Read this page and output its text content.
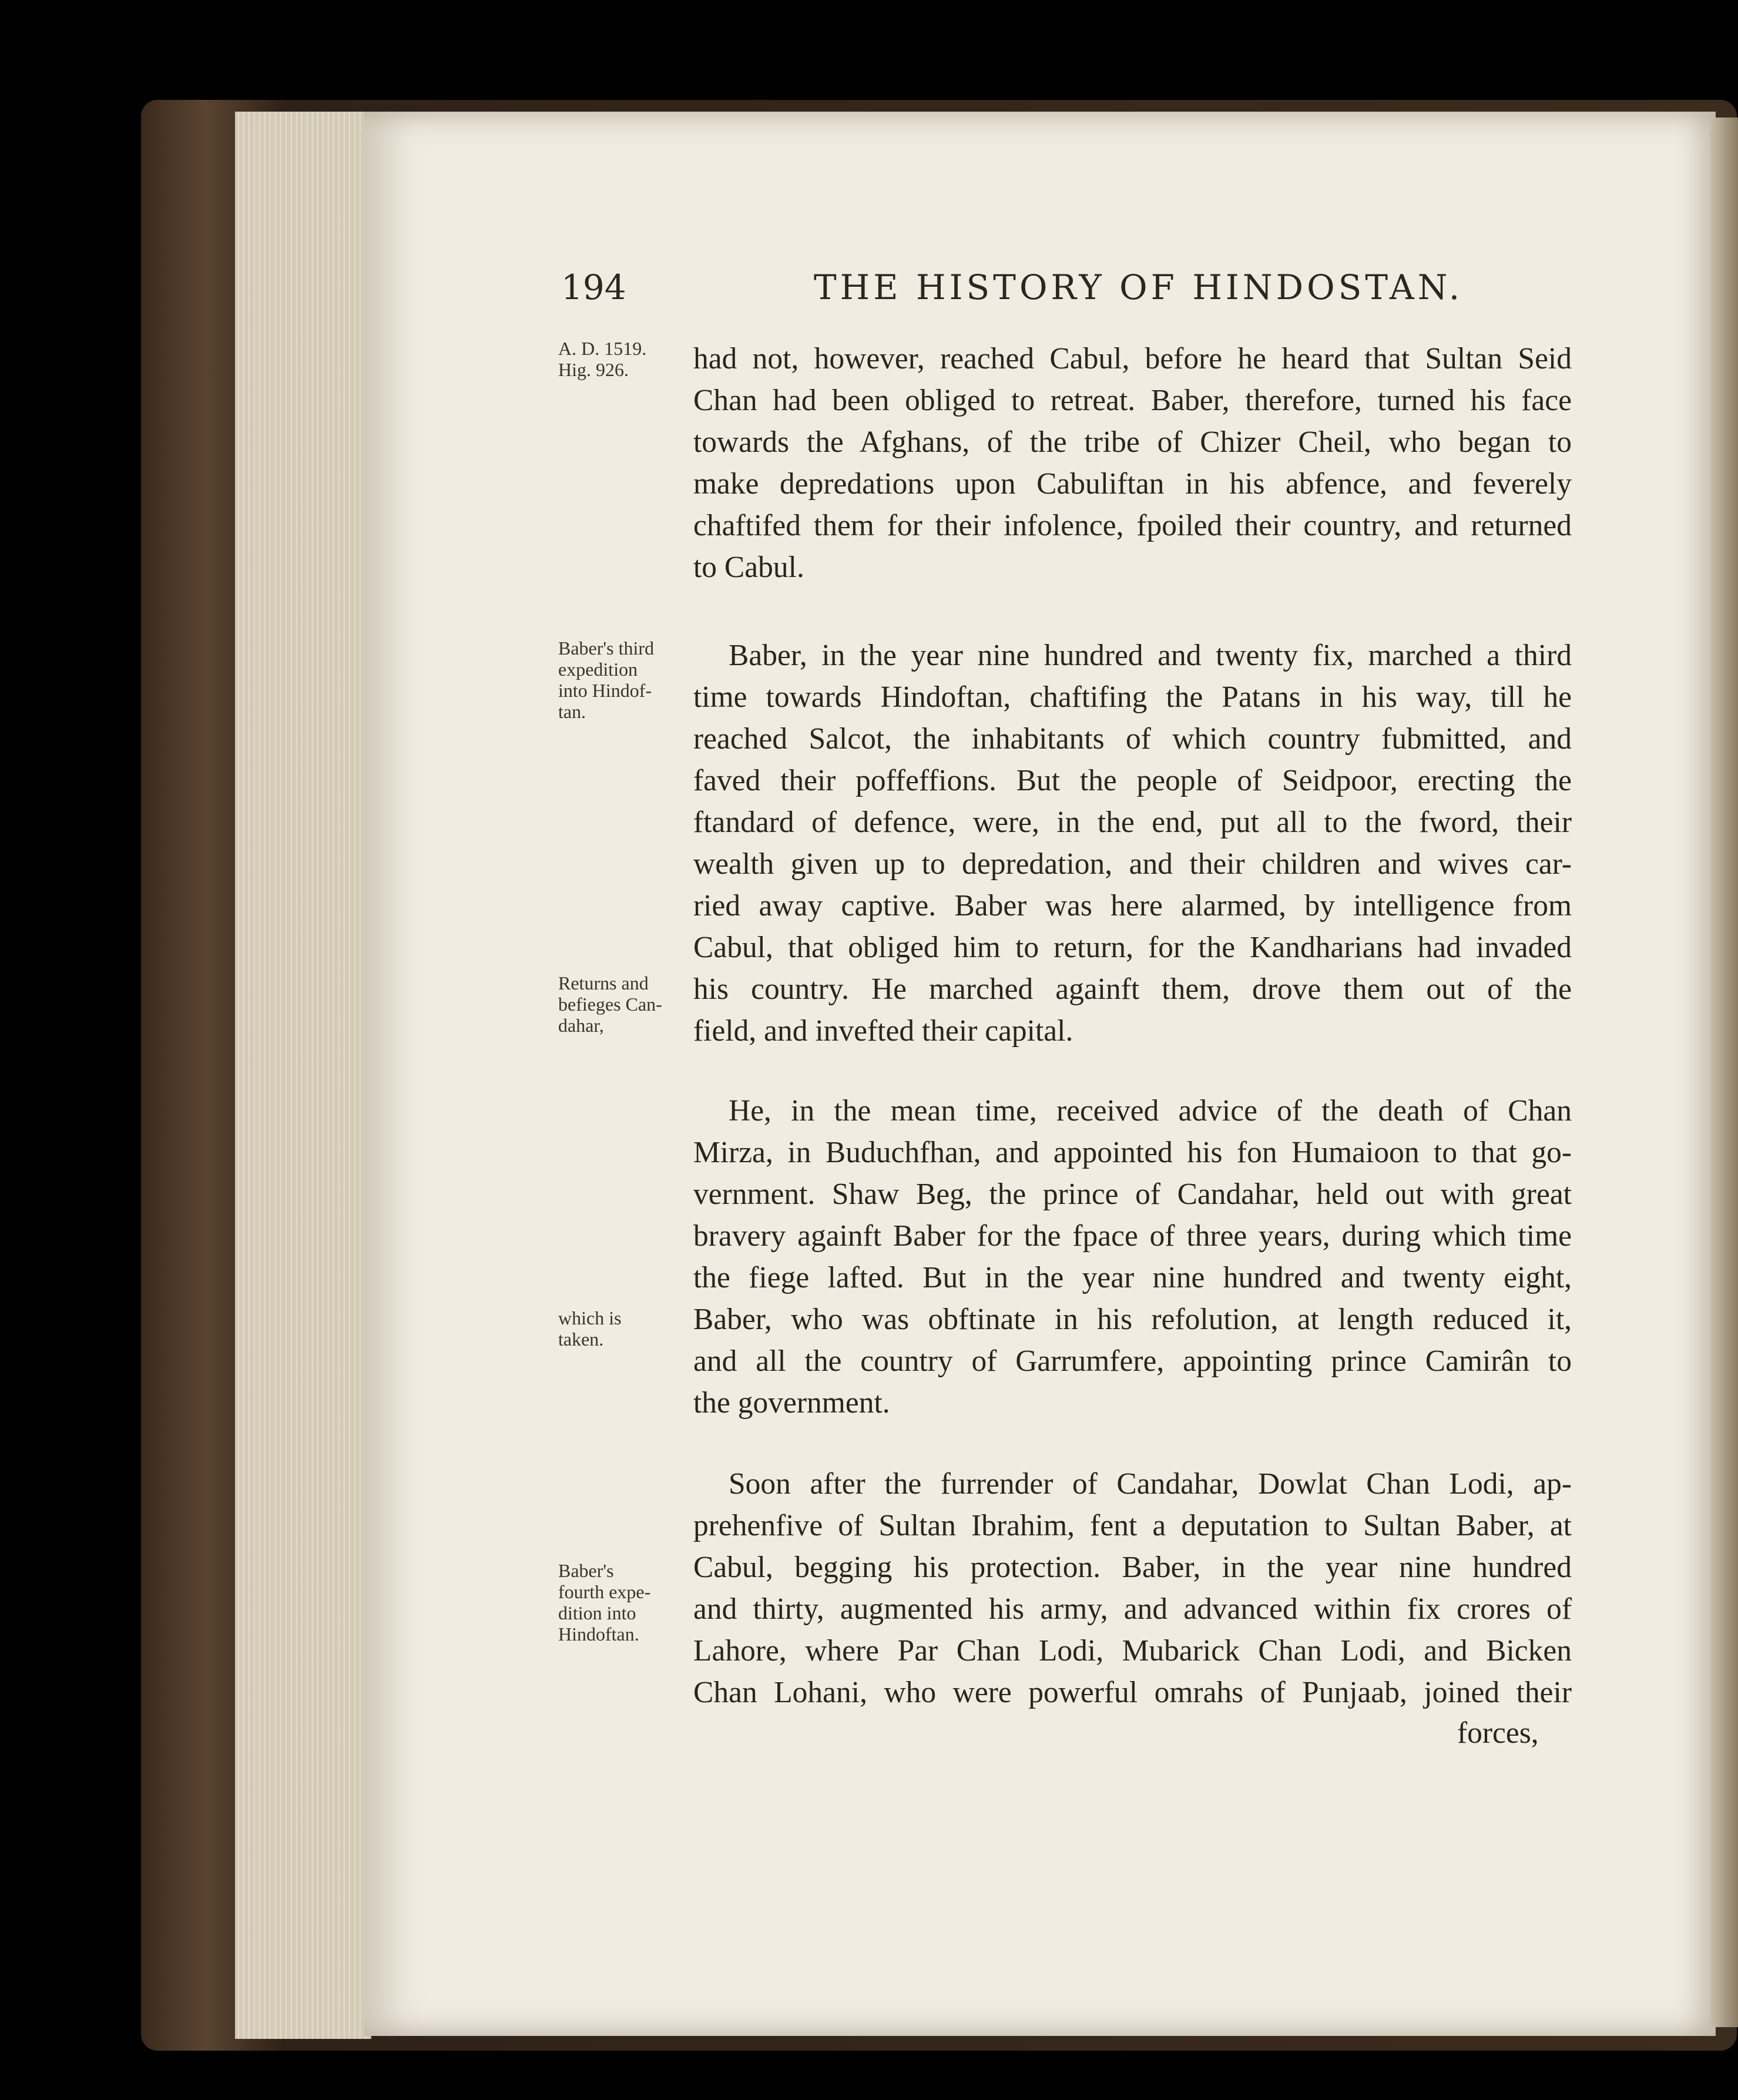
194	THE HISTORY OF HINDOSTAN.
A. D. 1519.
Hig. 926.
Baber's third
expedition
into Hindof-
tan.
Returns and
befieges Can-
dahar,
which is
taken.
Baber's
fourth expe-
dition into
Hindoftan.
had not, however, reached Cabul, before he heard that Sultan Seid
Chan had been obliged to retreat. Baber, therefore, turned his face
towards the Afghans, of the tribe of Chizer Cheil, who began to
make depredations upon Cabuliftan in his abfence, and feverely
chaftifed them for their infolence, fpoiled their country, and returned
to Cabul.
Baber, in the year nine hundred and twenty fix, marched a third
time towards Hindoftan, chaftifing the Patans in his way, till he
reached Salcot, the inhabitants of which country fubmitted, and
faved their poffeffions. But the people of Seidpoor, erecting the
ftandard of defence, were, in the end, put all to the fword, their
wealth given up to depredation, and their children and wives car-
ried away captive. Baber was here alarmed, by intelligence from
Cabul, that obliged him to return, for the Kandharians had invaded
his country. He marched againft them, drove them out of the
field, and invefted their capital.
He, in the mean time, received advice of the death of Chan
Mirza, in Buduchfhan, and appointed his fon Humaioon to that go-
vernment. Shaw Beg, the prince of Candahar, held out with great
bravery againft Baber for the fpace of three years, during which time
the fiege lafted. But in the year nine hundred and twenty eight,
Baber, who was obftinate in his refolution, at length reduced it,
and all the country of Garrumfere, appointing prince Camirân to
the government.
Soon after the furrender of Candahar, Dowlat Chan Lodi, ap-
prehenfive of Sultan Ibrahim, fent a deputation to Sultan Baber, at
Cabul, begging his protection. Baber, in the year nine hundred
and thirty, augmented his army, and advanced within fix crores of
Lahore, where Par Chan Lodi, Mubarick Chan Lodi, and Bicken
Chan Lohani, who were powerful omrahs of Punjaab, joined their
forces,
